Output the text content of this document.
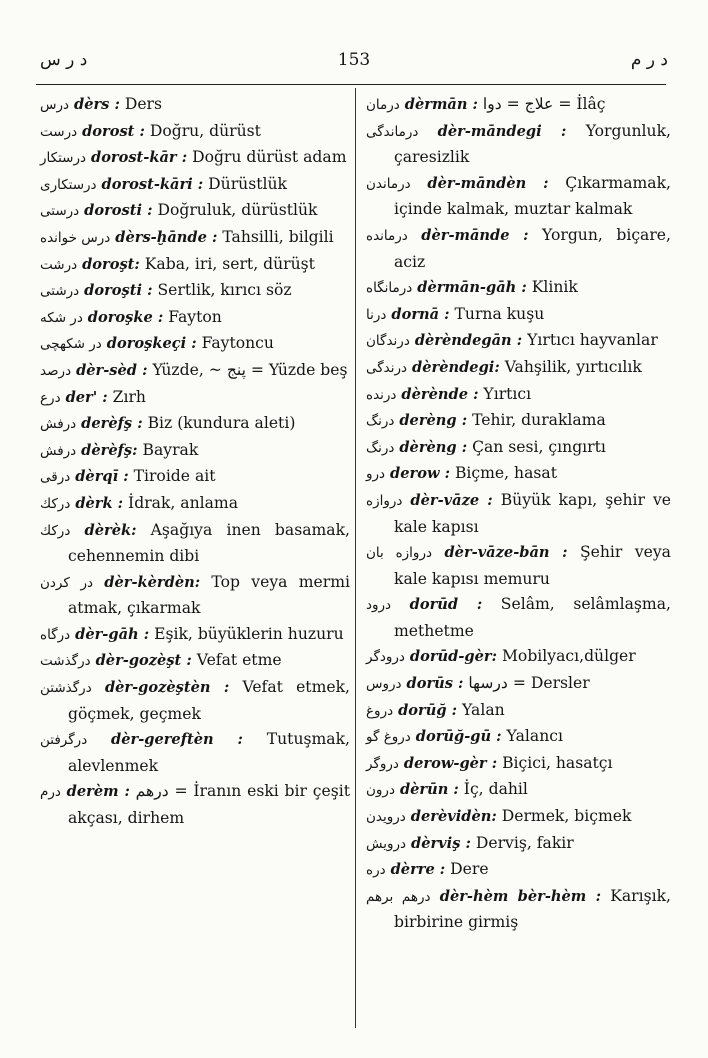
د ر س	153	د ر م

درس dèrs : Ders

درست dorost : Doğru, dürüst

درستكار dorost-kār : Doğru dürüst adam

درستكارى dorost-kāri : Dürüstlük

درستى dorosti : Doğruluk, dürüstlük

درس خواندە dèrs-ḫānde : Tahsilli, bilgili

درشت doroşt: Kaba, iri, sert, dürüşt

درشتى doroşti : Sertlik, kırıcı söz

در شكه doroşke : Fayton

در شكهچى doroşkeçi : Faytoncu

درصد dèr-sèd : Yüzde, ~ پنج = Yüzde beş

درع der' : Zırh

درفش derèfş : Biz (kundura aleti)

درفش dèrèfş: Bayrak

درقى dèrqī : Tiroide ait

دركك dèrk : İdrak, anlama

دركك dèrèk: Aşağıya inen basamak, cehennemin dibi

در كردن dèr-kèrdèn: Top veya mermi atmak, çıkarmak

درگاه dèr-gāh : Eşik, büyüklerin huzuru

درگذشت dèr-gozèşt : Vefat etme

درگذشتن dèr-gozèştèn : Vefat etmek, göçmek, geçmek

درگرفتن dèr-gereftèn : Tutuşmak, alevlenmek

درم derèm : درهم = İranın eski bir çeşit akçası, dirhem

درمان dèrmān : علاج = دوا = İlâç

درماندگى dèr-māndegi : Yorgunluk, çaresizlik

درماندن dèr-māndèn : Çıkarmamak, içinde kalmak, muztar kalmak

درماندە dèr-mānde : Yorgun, biçare, aciz

درمانگاه dèrmān-gāh : Klinik

درنا dornā : Turna kuşu

درندگان dèrèndegān : Yırtıcı hayvanlar

درندگى dèrèndegi: Vahşilik, yırtıcılık

درندە dèrènde : Yırtıcı

درنگ derèng : Tehir, duraklama

درنگ dèrèng : Çan sesi, çıngırtı

درو derow : Biçme, hasat

دروازە dèr-vāze : Büyük kapı, şehir ve kale kapısı

دروازە بان dèr-vāze-bān : Şehir veya kale kapısı memuru

درود dorūd : Selâm, selâmlaşma, methetme

درودگر dorūd-gèr: Mobilyacı,dülger

دروس dorūs : درسها = Dersler

دروغ dorūğ : Yalan

دروغ گو dorūğ-gū : Yalancı

دروگر derow-gèr : Biçici, hasatçı

درون dèrūn : İç, dahil

درويدن derèvidèn: Dermek, biçmek

درويش dèrviş : Derviş, fakir

درە dèrre : Dere

درهم برهم dèr-hèm bèr-hèm : Karışık, birbirine girmiş
